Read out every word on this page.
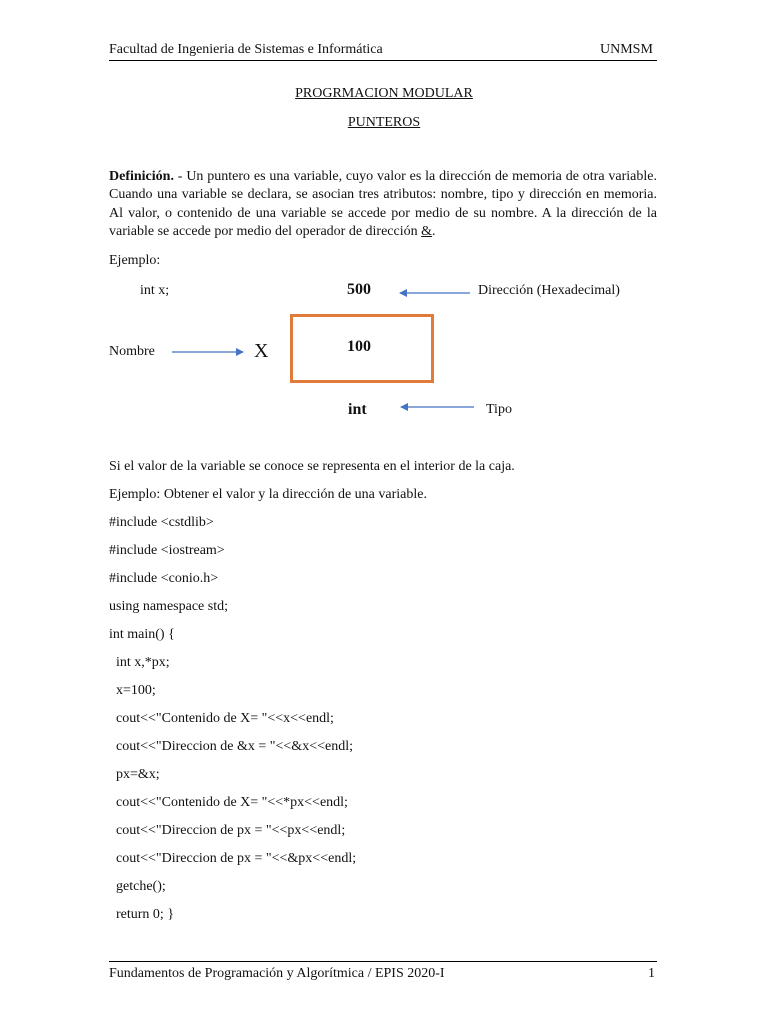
Facultad de Ingenieria de Sistemas e Informática	UNMSM
PROGRMACION MODULAR
PUNTEROS
Definición. - Un puntero es una variable, cuyo valor es la dirección de memoria de otra variable. Cuando una variable se declara, se asocian tres atributos: nombre, tipo y dirección en memoria. Al valor, o contenido de una variable se accede por medio de su nombre. A la dirección de la variable se accede por medio del operador de dirección &.
Ejemplo:
int x;	500	Dirección (Hexadecimal)
100
Nombre	X
int	Tipo
Si el valor de la variable se conoce se representa en el interior de la caja.
Ejemplo: Obtener el valor y la dirección de una variable.
#include <cstdlib>
#include <iostream>
#include <conio.h>
using namespace std;
int main() {
int x,*px;
x=100;
cout<<"Contenido de X= "<<x<<endl;
cout<<"Direccion de &x = "<<&x<<endl;
px=&x;
cout<<"Contenido de X= "<<*px<<endl;
cout<<"Direccion de px = "<<px<<endl;
cout<<"Direccion de px = "<<&px<<endl;
getche();
return 0; }
Fundamentos de Programación y Algorítmica / EPIS 2020-I	1
